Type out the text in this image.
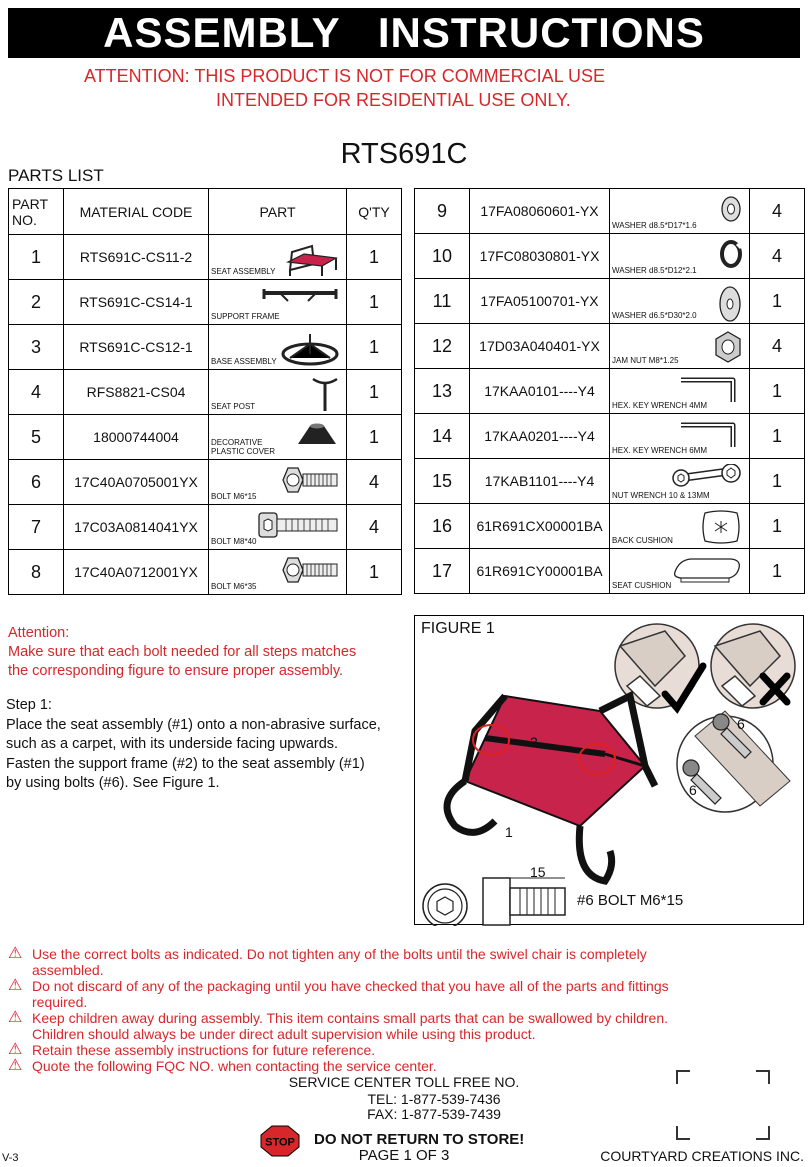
ASSEMBLY   INSTRUCTIONS
ATTENTION: THIS PRODUCT IS NOT FOR COMMERCIAL USE
INTENDED FOR RESIDENTIAL USE ONLY.
RTS691C
PARTS LIST
PART NO.	MATERIAL CODE	PART	Q'TY
1	RTS691C-CS11-2	SEAT ASSEMBLY	1
2	RTS691C-CS14-1	SUPPORT FRAME	1
3	RTS691C-CS12-1	BASE ASSEMBLY	1
4	RFS8821-CS04	SEAT POST	1
5	18000744004	DECORATIVE PLASTIC COVER	1
6	17C40A0705001YX	BOLT M6*15	4
7	17C03A0814041YX	BOLT M8*40	4
8	17C40A0712001YX	BOLT M6*35	1
9	17FA08060601-YX	WASHER d8.5*D17*1.6	4
10	17FC08030801-YX	WASHER d8.5*D12*2.1	4
11	17FA05100701-YX	WASHER d6.5*D30*2.0	1
12	17D03A040401-YX	JAM NUT M8*1.25	4
13	17KAA0101----Y4	HEX. KEY WRENCH 4MM	1
14	17KAA0201----Y4	HEX. KEY WRENCH 6MM	1
15	17KAB1101----Y4	NUT WRENCH 10 & 13MM	1
16	61R691CX00001BA	BACK CUSHION	1
17	61R691CY00001BA	SEAT CUSHION	1
Attention:
Make sure that each bolt needed for all steps matches
the corresponding figure to ensure proper assembly.
Step 1:
Place the seat assembly (#1) onto a non-abrasive surface,
such as a carpet, with its underside facing upwards.
Fasten the support frame (#2) to the seat assembly (#1)
by using bolts (#6). See Figure 1.
FIGURE 1
2
1
6
6
15
#6 BOLT M6*15
⚠ Use the correct bolts as indicated. Do not tighten any of the bolts until the swivel chair is completely
assembled.
⚠ Do not discard of any of the packaging until you have checked that you have all of the parts and fittings
required.
⚠ Keep children away during assembly. This item contains small parts that can be swallowed by children.
Children should always be under direct adult supervision while using this product.
⚠ Retain these assembly instructions for future reference.
⚠ Quote the following FQC NO. when contacting the service center.
SERVICE CENTER TOLL FREE NO.
TEL: 1-877-539-7436
FAX: 1-877-539-7439
STOP DO NOT RETURN TO STORE!
PAGE 1 OF 3	COURTYARD CREATIONS INC.
V-3
